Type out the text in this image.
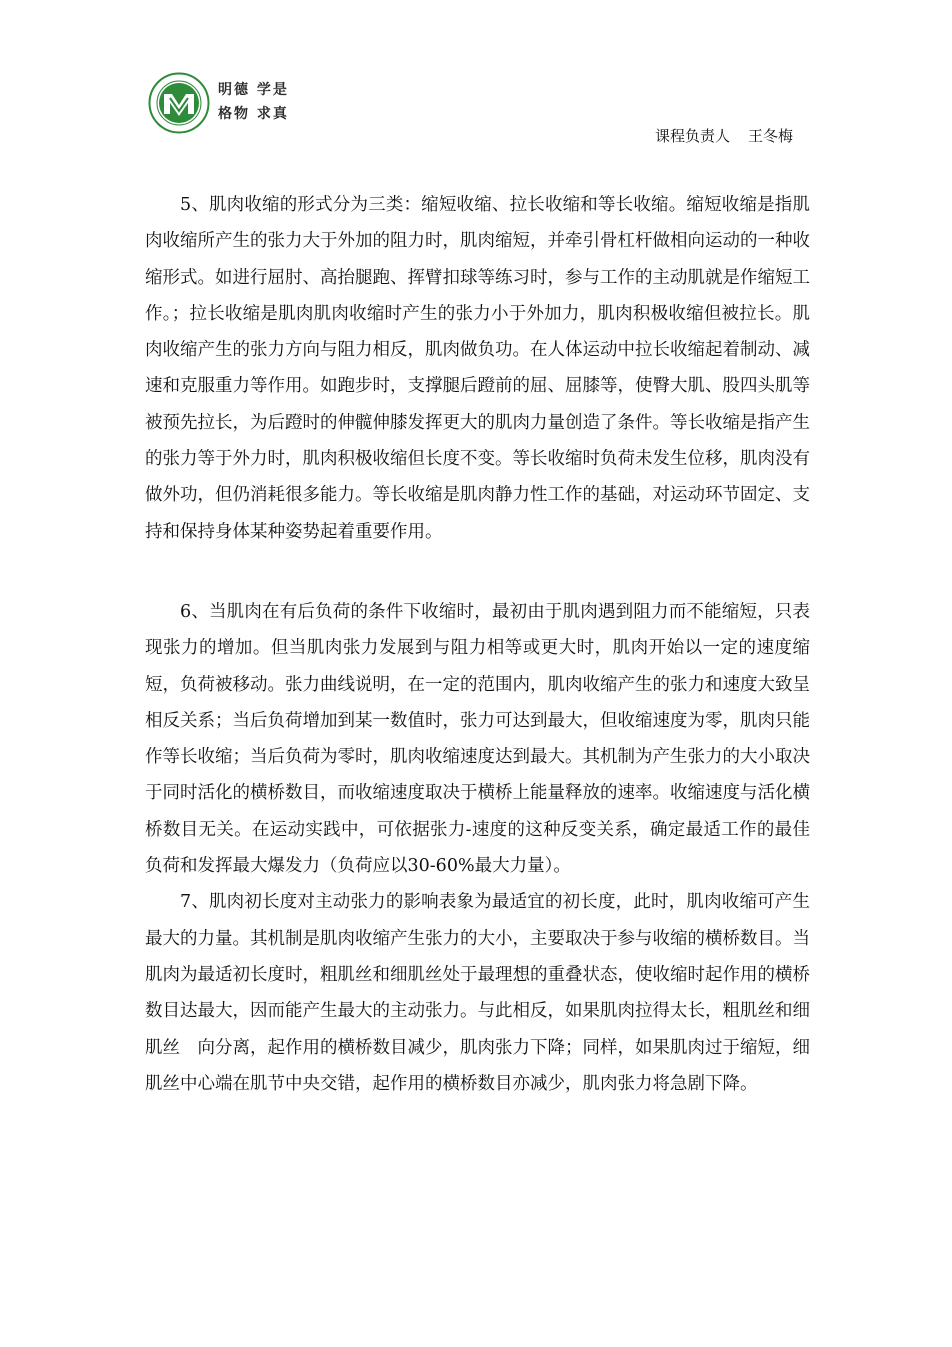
明德 学是
格物 求真
课程负责人 王冬梅

5、肌肉收缩的形式分为三类：缩短收缩、拉长收缩和等长收缩。缩短收缩是指肌肉收缩所产生的张力大于外加的阻力时，肌肉缩短，并牵引骨杠杆做相向运动的一种收缩形式。如进行屈肘、高抬腿跑、挥臂扣球等练习时，参与工作的主动肌就是作缩短工作。；拉长收缩是肌肉肌肉收缩时产生的张力小于外加力，肌肉积极收缩但被拉长。肌肉收缩产生的张力方向与阻力相反，肌肉做负功。在人体运动中拉长收缩起着制动、减速和克服重力等作用。如跑步时，支撑腿后蹬前的屈、屈膝等，使臀大肌、股四头肌等被预先拉长，为后蹬时的伸髋伸膝发挥更大的肌肉力量创造了条件。等长收缩是指产生的张力等于外力时，肌肉积极收缩但长度不变。等长收缩时负荷未发生位移，肌肉没有做外功，但仍消耗很多能力。等长收缩是肌肉静力性工作的基础，对运动环节固定、支持和保持身体某种姿势起着重要作用。

6、当肌肉在有后负荷的条件下收缩时，最初由于肌肉遇到阻力而不能缩短，只表现张力的增加。但当肌肉张力发展到与阻力相等或更大时，肌肉开始以一定的速度缩短，负荷被移动。张力曲线说明，在一定的范围内，肌肉收缩产生的张力和速度大致呈相反关系；当后负荷增加到某一数值时，张力可达到最大，但收缩速度为零，肌肉只能作等长收缩；当后负荷为零时，肌肉收缩速度达到最大。其机制为产生张力的大小取决于同时活化的横桥数目，而收缩速度取决于横桥上能量释放的速率。收缩速度与活化横桥数目无关。在运动实践中，可依据张力-速度的这种反变关系，确定最适工作的最佳负荷和发挥最大爆发力（负荷应以30-60%最大力量）。

7、肌肉初长度对主动张力的影响表象为最适宜的初长度，此时，肌肉收缩可产生最大的力量。其机制是肌肉收缩产生张力的大小，主要取决于参与收缩的横桥数目。当肌肉为最适初长度时，粗肌丝和细肌丝处于最理想的重叠状态，使收缩时起作用的横桥数目达最大，因而能产生最大的主动张力。与此相反，如果肌肉拉得太长，粗肌丝和细肌丝　向分离，起作用的横桥数目减少，肌肉张力下降；同样，如果肌肉过于缩短，细肌丝中心端在肌节中央交错，起作用的横桥数目亦减少，肌肉张力将急剧下降。
